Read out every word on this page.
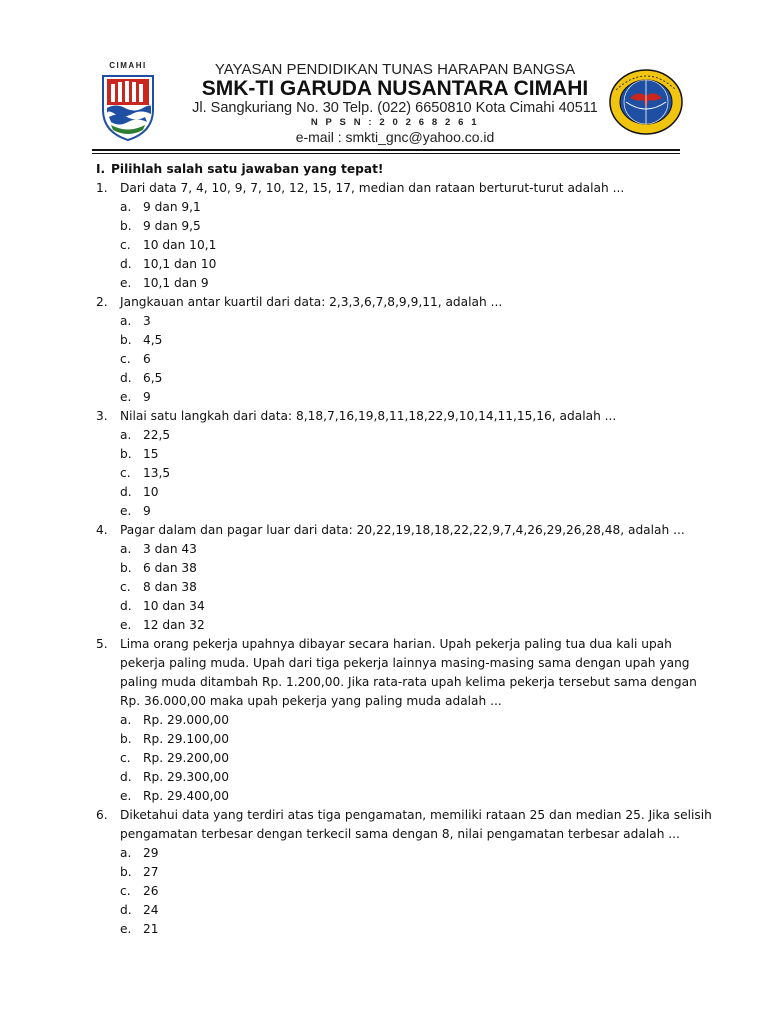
CIMAHI	YAYASAN PENDIDIKAN TUNAS HARAPAN BANGSA
SMK-TI GARUDA NUSANTARA CIMAHI
Jl. Sangkuriang No. 30 Telp. (022) 6650810 Kota Cimahi 40511
N P S N : 2 0 2 6 8 2 6 1
e-mail : smkti_gnc@yahoo.co.id
I. Pilihlah salah satu jawaban yang tepat!
1.	Dari data 7, 4, 10, 9, 7, 10, 12, 15, 17, median dan rataan berturut-turut adalah ...
a. 9 dan 9,1
b. 9 dan 9,5
c. 10 dan 10,1
d. 10,1 dan 10
e. 10,1 dan 9
2.	Jangkauan antar kuartil dari data: 2,3,3,6,7,8,9,9,11, adalah ...
a. 3
b. 4,5
c. 6
d. 6,5
e. 9
3.	Nilai satu langkah dari data: 8,18,7,16,19,8,11,18,22,9,10,14,11,15,16, adalah ...
a. 22,5
b. 15
c. 13,5
d. 10
e. 9
4.	Pagar dalam dan pagar luar dari data: 20,22,19,18,18,22,22,9,7,4,26,29,26,28,48, adalah ...
a. 3 dan 43
b. 6 dan 38
c. 8 dan 38
d. 10 dan 34
e. 12 dan 32
5.	Lima orang pekerja upahnya dibayar secara harian. Upah pekerja paling tua dua kali upah
pekerja paling muda. Upah dari tiga pekerja lainnya masing-masing sama dengan upah yang
paling muda ditambah Rp. 1.200,00. Jika rata-rata upah kelima pekerja tersebut sama dengan
Rp. 36.000,00 maka upah pekerja yang paling muda adalah ...
a. Rp. 29.000,00
b. Rp. 29.100,00
c. Rp. 29.200,00
d. Rp. 29.300,00
e. Rp. 29.400,00
6.	Diketahui data yang terdiri atas tiga pengamatan, memiliki rataan 25 dan median 25. Jika selisih
pengamatan terbesar dengan terkecil sama dengan 8, nilai pengamatan terbesar adalah ...
a. 29
b. 27
c. 26
d. 24
e. 21
